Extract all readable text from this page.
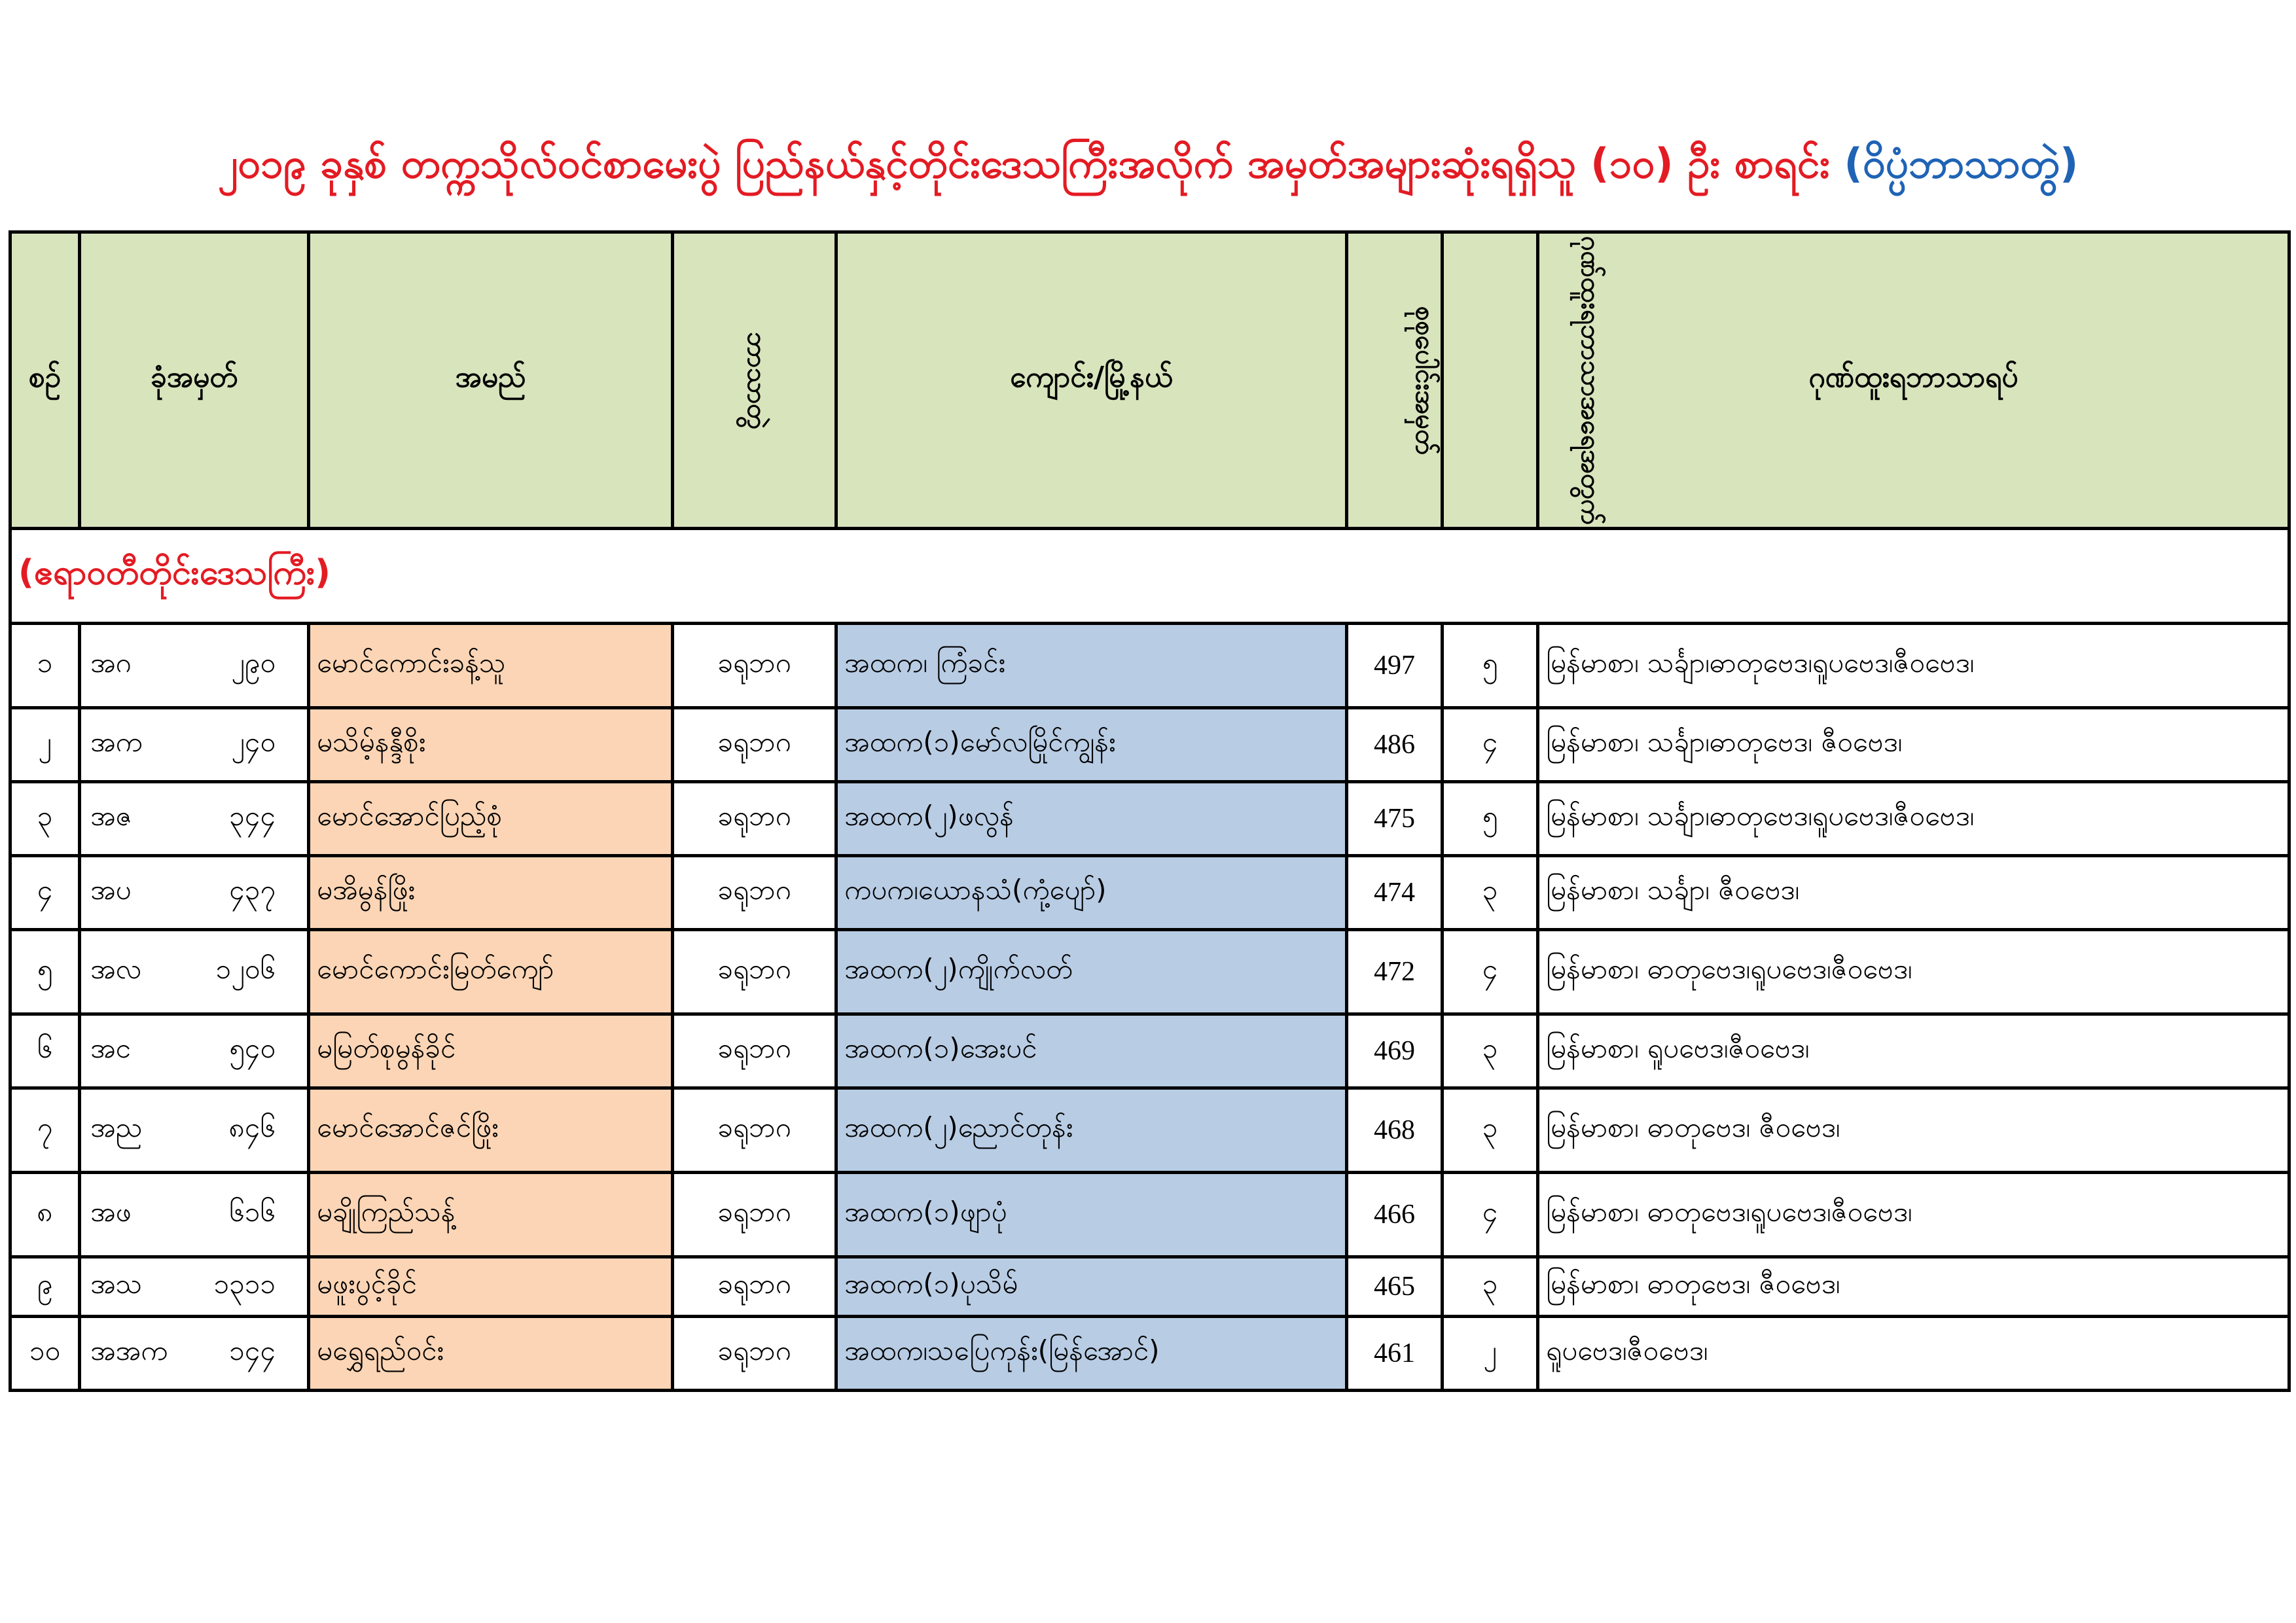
၂၀၁၉ ခုနှစ် တက္ကသိုလ်ဝင်စာမေးပွဲ ပြည်နယ်နှင့်တိုင်းဒေသကြီးအလိုက် အမှတ်အများဆုံးရရှိသူ (၁၀) ဦး စာရင်း (ဝိပ္ပံဘာသာတွဲ)
စဉ်	ခုံအမှတ်	အမည်	ဘာသာတွဲ	ကျောင်း/မြို့နယ်	စုစုပေါင်းအမှတ်	ဂုဏ်ထူးရဘာသာအရေအတွက်	ဂုဏ်ထူးရဘာသာရပ်
(ဧရာဝတီတိုင်းဒေသကြီး)							
၁	အဂ ၂၉၀	မောင်ကောင်းခန့်သူ	ခရုဘဂ	အထက၊ ကြံခင်း	497	၅	မြန်မာစာ၊ သင်္ချာ၊ဓာတုဗေဒ၊ရူပဗေဒ၊ဇီဝဗေဒ၊
၂	အက ၂၄၀	မသိမ့်နန္ဒီစိုး	ခရုဘဂ	အထက(၁)မော်လမြိုင်ကျွန်း	486	၄	မြန်မာစာ၊ သင်္ချာ၊ဓာတုဗေဒ၊ ဇီဝဗေဒ၊
၃	အဇ ၃၄၄	မောင်အောင်ပြည့်စုံ	ခရုဘဂ	အထက(၂)ဖလွန်	475	၅	မြန်မာစာ၊ သင်္ချာ၊ဓာတုဗေဒ၊ရူပဗေဒ၊ဇီဝဗေဒ၊
၄	အပ ၄၃၇	မအိမွန်ဖြိုး	ခရုဘဂ	ကပက၊ယောနသံ(ကုံ့ပျော်)	474	၃	မြန်မာစာ၊ သင်္ချာ၊ ဇီဝဗေဒ၊
၅	အလ ၁၂၀၆	မောင်ကောင်းမြတ်ကျော်	ခရုဘဂ	အထက(၂)ကျိုက်လတ်	472	၄	မြန်မာစာ၊ ဓာတုဗေဒ၊ရူပဗေဒ၊ဇီဝဗေဒ၊
၆	အင ၅၄၀	မမြတ်စုမွန်ခိုင်	ခရုဘဂ	အထက(၁)အေးပင်	469	၃	မြန်မာစာ၊ ရူပဗေဒ၊ဇီဝဗေဒ၊
၇	အည ၈၄၆	မောင်အောင်ဇင်ဖြိုး	ခရုဘဂ	အထက(၂)ညောင်တုန်း	468	၃	မြန်မာစာ၊ ဓာတုဗေဒ၊ ဇီဝဗေဒ၊
၈	အဖ ၆၁၆	မချိုကြည်သန့်	ခရုဘဂ	အထက(၁)ဖျာပုံ	466	၄	မြန်မာစာ၊ ဓာတုဗေဒ၊ရူပဗေဒ၊ဇီဝဗေဒ၊
၉	အသ ၁၃၁၁	မဖူးပွင့်ခိုင်	ခရုဘဂ	အထက(၁)ပုသိမ်	465	၃	မြန်မာစာ၊ ဓာတုဗေဒ၊ ဇီဝဗေဒ၊
၁၀	အအက ၁၄၄	မရွှေရည်ဝင်း	ခရုဘဂ	အထက၊သပြေကုန်း(မြန်အောင်)	461	၂	ရူပဗေဒ၊ဇီဝဗေဒ၊
